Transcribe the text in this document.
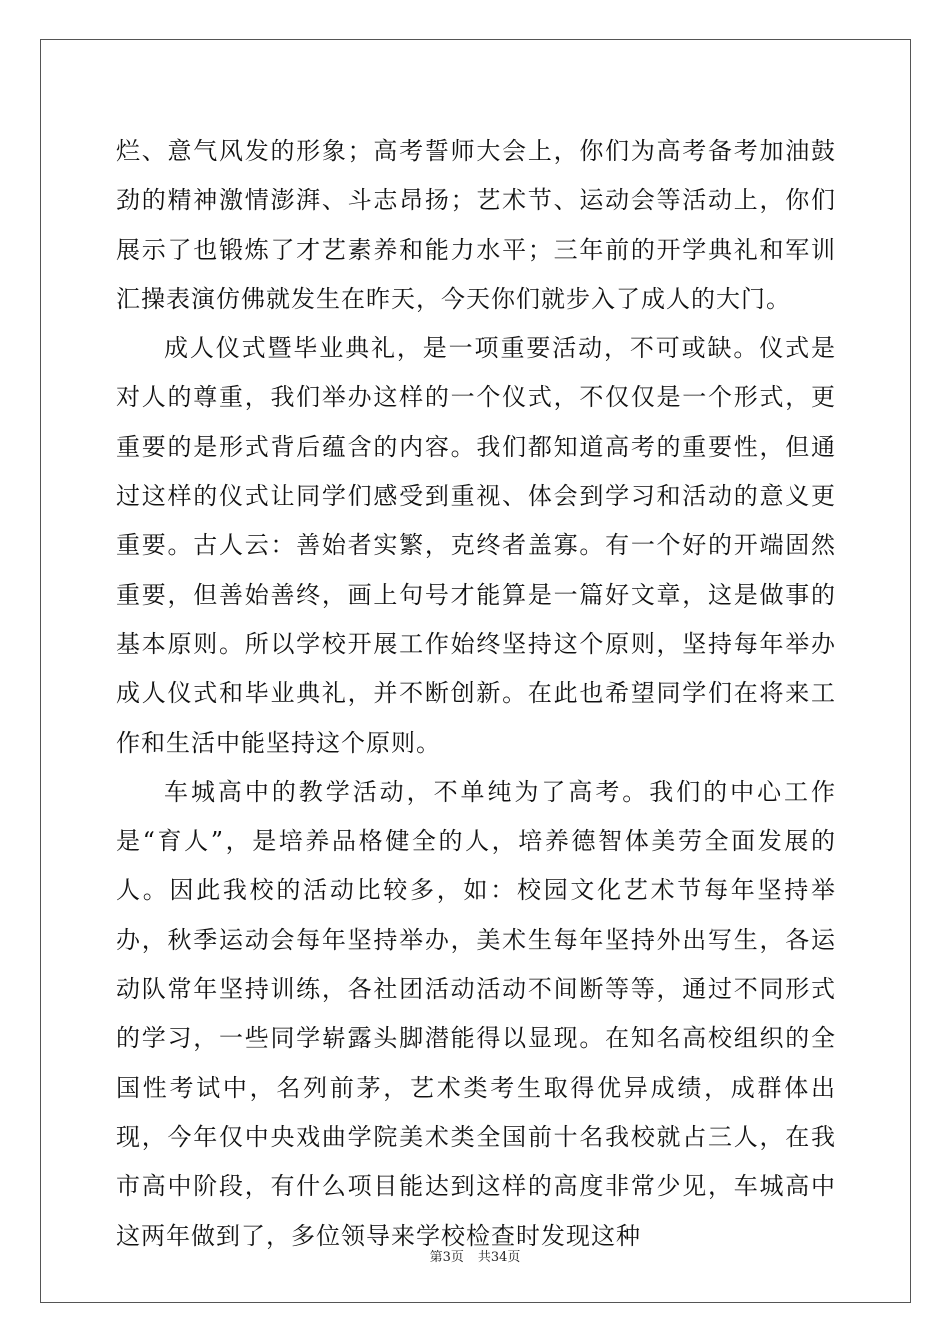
烂、意气风发的形象；高考誓师大会上，你们为高考备考加油鼓劲的精神激情澎湃、斗志昂扬；艺术节、运动会等活动上，你们展示了也锻炼了才艺素养和能力水平；三年前的开学典礼和军训汇操表演仿佛就发生在昨天，今天你们就步入了成人的大门。

成人仪式暨毕业典礼，是一项重要活动，不可或缺。仪式是对人的尊重，我们举办这样的一个仪式，不仅仅是一个形式，更重要的是形式背后蕴含的内容。我们都知道高考的重要性，但通过这样的仪式让同学们感受到重视、体会到学习和活动的意义更重要。古人云：善始者实繁，克终者盖寡。有一个好的开端固然重要，但善始善终，画上句号才能算是一篇好文章，这是做事的基本原则。所以学校开展工作始终坚持这个原则，坚持每年举办成人仪式和毕业典礼，并不断创新。在此也希望同学们在将来工作和生活中能坚持这个原则。

车城高中的教学活动，不单纯为了高考。我们的中心工作是“育人”，是培养品格健全的人，培养德智体美劳全面发展的人。因此我校的活动比较多，如：校园文化艺术节每年坚持举办，秋季运动会每年坚持举办，美术生每年坚持外出写生，各运动队常年坚持训练，各社团活动活动不间断等等，通过不同形式的学习，一些同学崭露头脚潜能得以显现。在知名高校组织的全国性考试中，名列前茅，艺术类考生取得优异成绩，成群体出现，今年仅中央戏曲学院美术类全国前十名我校就占三人，在我市高中阶段，有什么项目能达到这样的高度非常少见，车城高中这两年做到了，多位领导来学校检查时发现这种

第3页 共34页
